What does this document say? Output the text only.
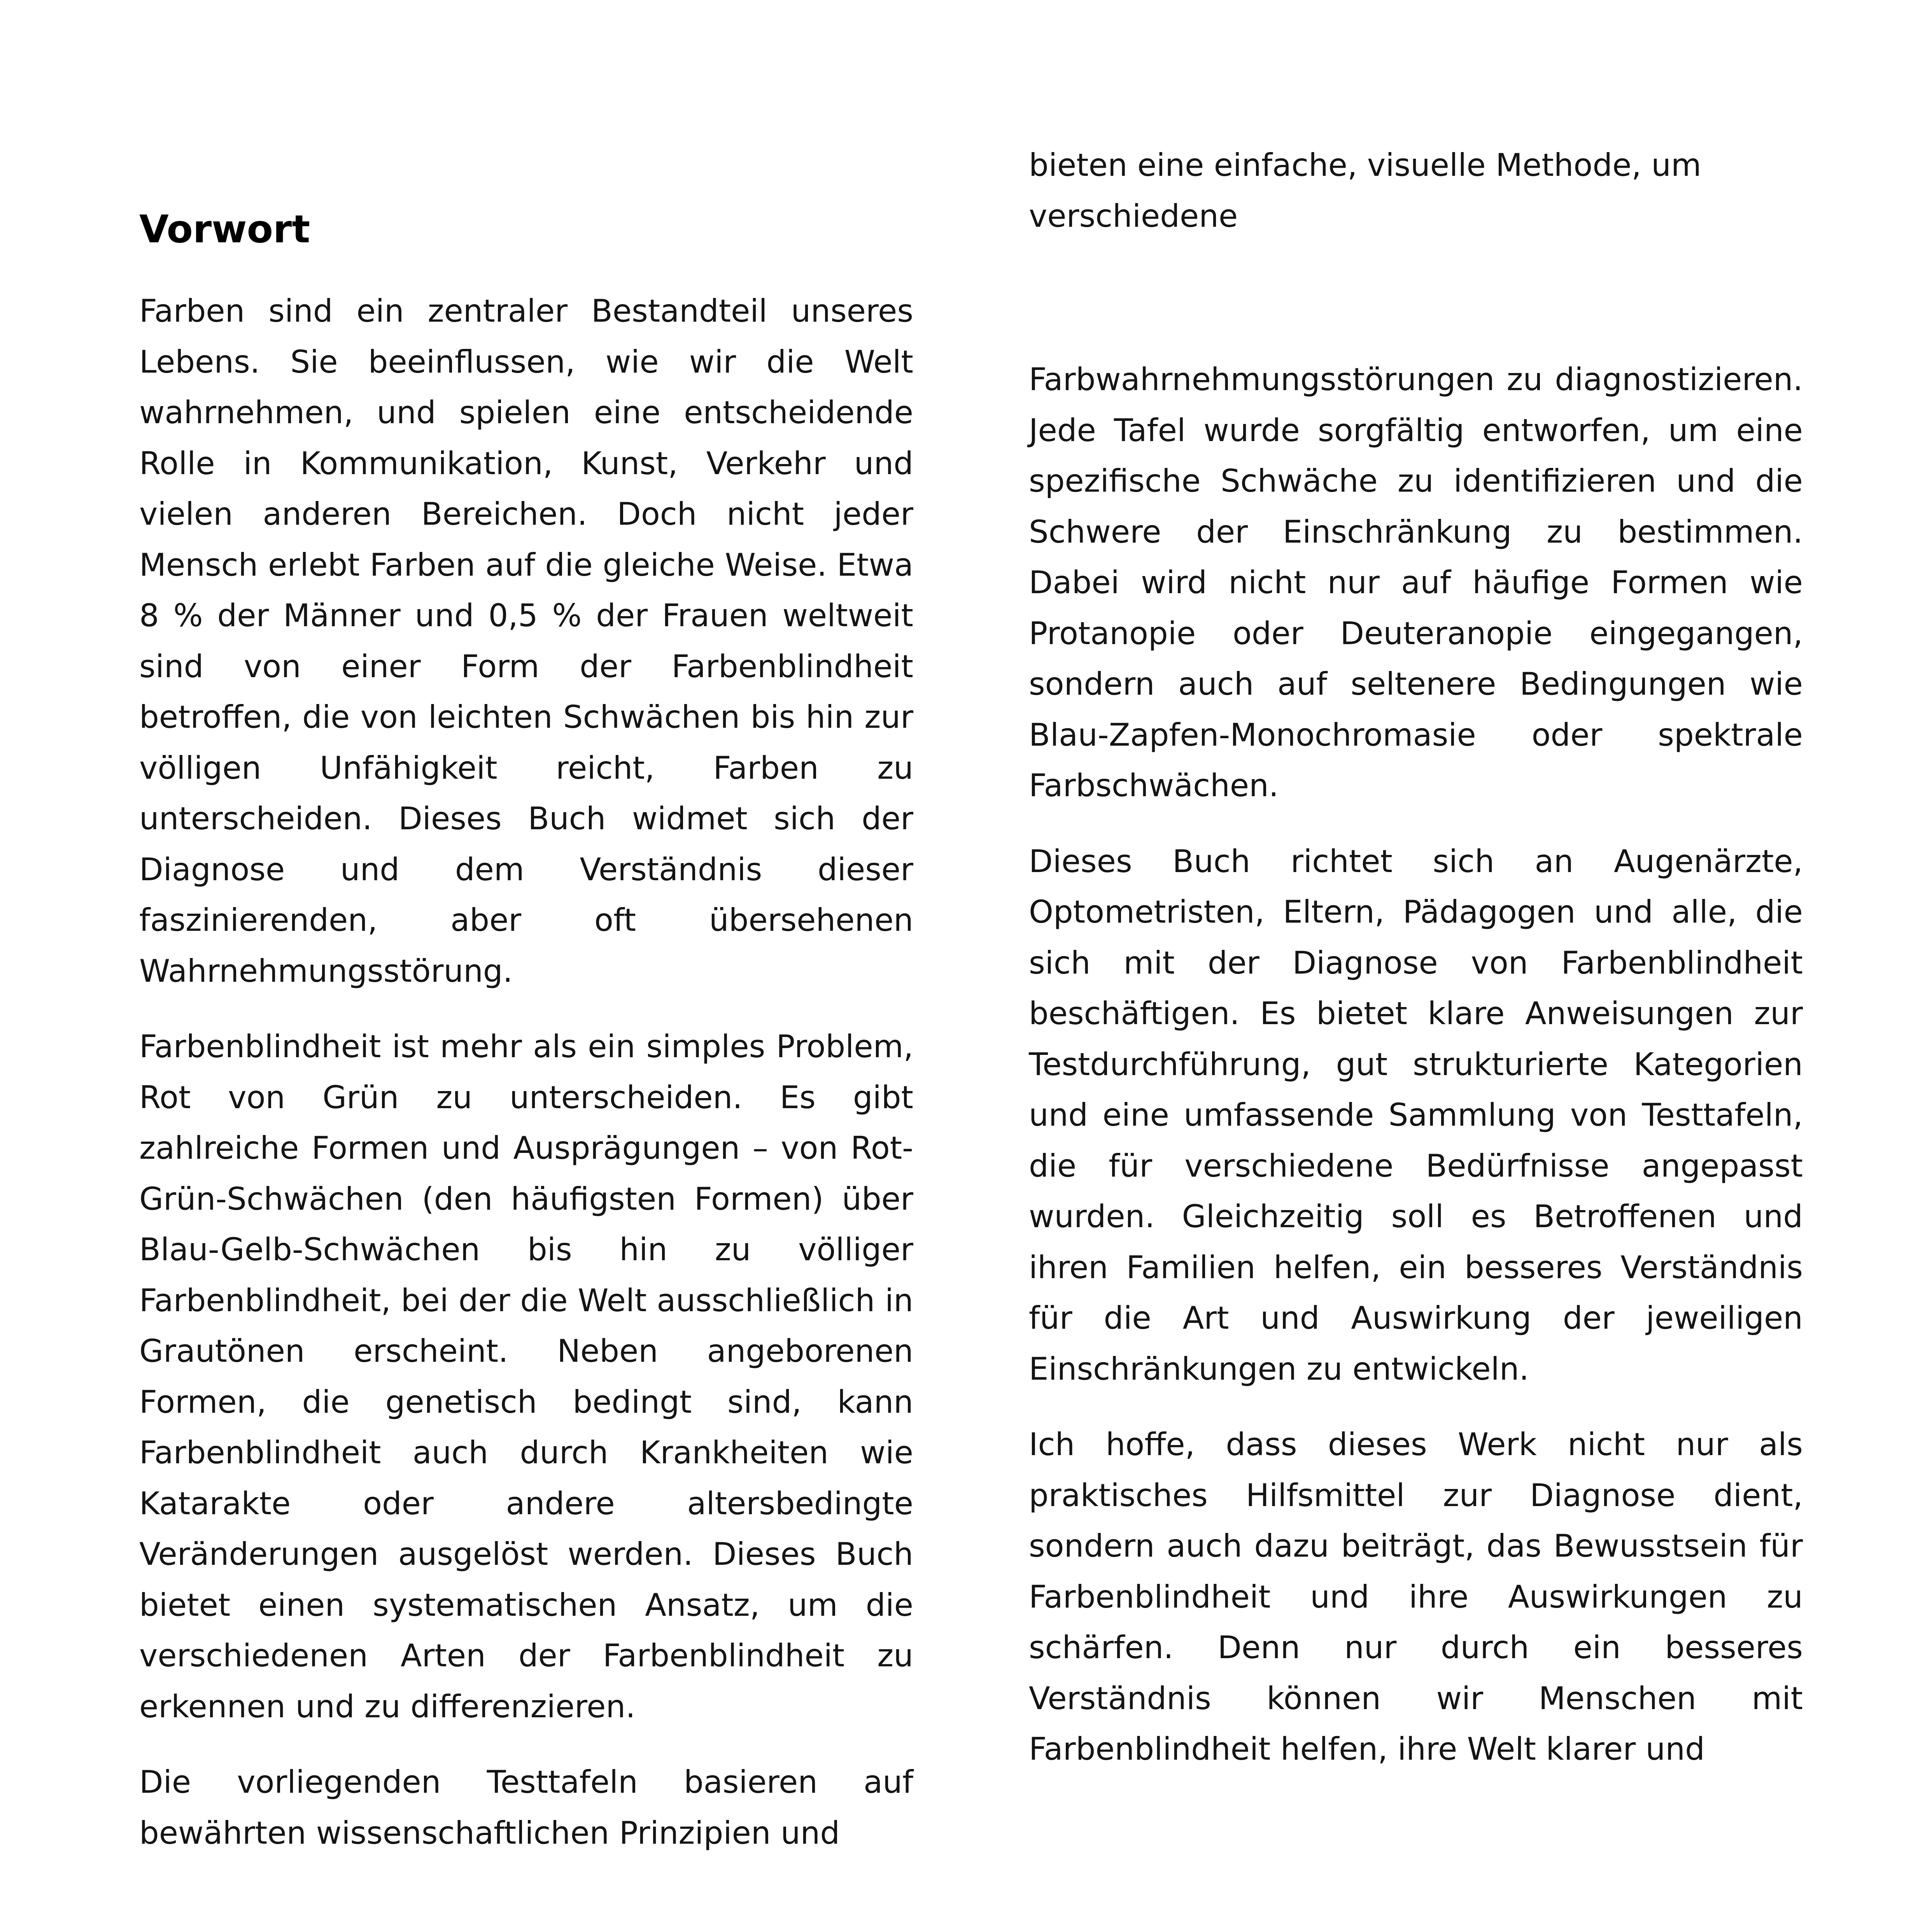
Vorwort

Farben sind ein zentraler Bestandteil unseres Lebens. Sie beeinflussen, wie wir die Welt wahrnehmen, und spielen eine entscheidende Rolle in Kommunikation, Kunst, Verkehr und vielen anderen Bereichen. Doch nicht jeder Mensch erlebt Farben auf die gleiche Weise. Etwa 8 % der Männer und 0,5 % der Frauen weltweit sind von einer Form der Farbenblindheit betroffen, die von leichten Schwächen bis hin zur völligen Unfähigkeit reicht, Farben zu unterscheiden. Dieses Buch widmet sich der Diagnose und dem Verständnis dieser faszinierenden, aber oft übersehenen Wahrnehmungsstörung.

Farbenblindheit ist mehr als ein simples Problem, Rot von Grün zu unterscheiden. Es gibt zahlreiche Formen und Ausprägungen – von Rot-Grün-Schwächen (den häufigsten Formen) über Blau-Gelb-Schwächen bis hin zu völliger Farbenblindheit, bei der die Welt ausschließlich in Grautönen erscheint. Neben angeborenen Formen, die genetisch bedingt sind, kann Farbenblindheit auch durch Krankheiten wie Katarakte oder andere altersbedingte Veränderungen ausgelöst werden. Dieses Buch bietet einen systematischen Ansatz, um die verschiedenen Arten der Farbenblindheit zu erkennen und zu differenzieren.

Die vorliegenden Testtafeln basieren auf bewährten wissenschaftlichen Prinzipien und

bieten eine einfache, visuelle Methode, um verschiedene

Farbwahrnehmungsstörungen zu diagnostizieren. Jede Tafel wurde sorgfältig entworfen, um eine spezifische Schwäche zu identifizieren und die Schwere der Einschränkung zu bestimmen. Dabei wird nicht nur auf häufige Formen wie Protanopie oder Deuteranopie eingegangen, sondern auch auf seltenere Bedingungen wie Blau-Zapfen-Monochromasie oder spektrale Farbschwächen.

Dieses Buch richtet sich an Augenärzte, Optometristen, Eltern, Pädagogen und alle, die sich mit der Diagnose von Farbenblindheit beschäftigen. Es bietet klare Anweisungen zur Testdurchführung, gut strukturierte Kategorien und eine umfassende Sammlung von Testtafeln, die für verschiedene Bedürfnisse angepasst wurden. Gleichzeitig soll es Betroffenen und ihren Familien helfen, ein besseres Verständnis für die Art und Auswirkung der jeweiligen Einschränkungen zu entwickeln.

Ich hoffe, dass dieses Werk nicht nur als praktisches Hilfsmittel zur Diagnose dient, sondern auch dazu beiträgt, das Bewusstsein für Farbenblindheit und ihre Auswirkungen zu schärfen. Denn nur durch ein besseres Verständnis können wir Menschen mit Farbenblindheit helfen, ihre Welt klarer und
